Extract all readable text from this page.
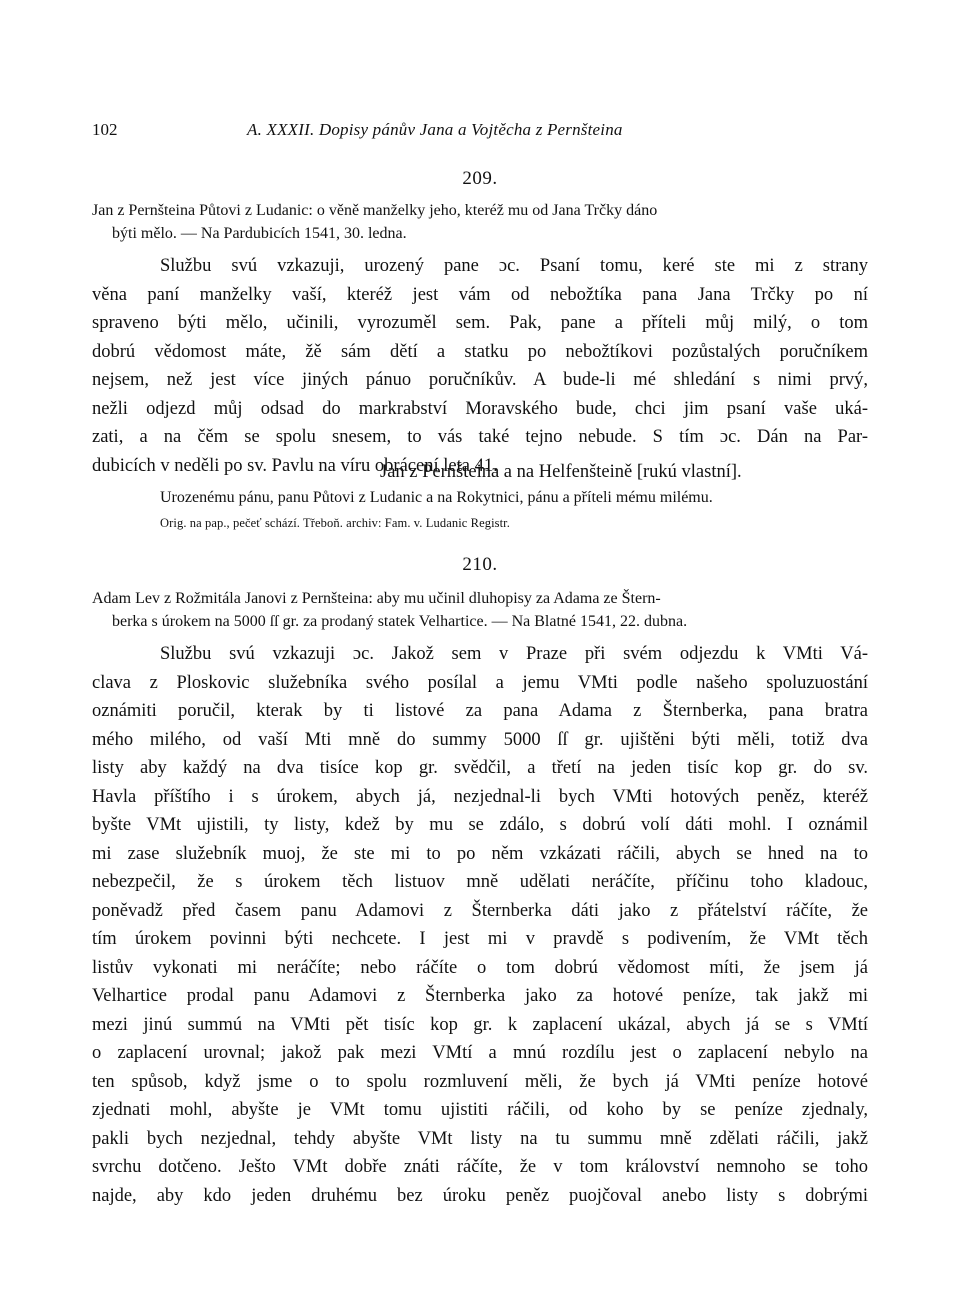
102	A. XXXII. Dopisy pánův Jana a Vojtěcha z Pernšteina
209.
Jan z Pernšteina Půtovi z Ludanic: o věně manželky jeho, kteréž mu od Jana Trčky dáno
býti mělo. — Na Pardubicích 1541, 30. ledna.
Službu svú vzkazuji, urozený pane ɔc. Psaní tomu, keré ste mi z strany
věna paní manželky vaší, kteréž jest vám od nebožtíka pana Jana Trčky po ní
spraveno býti mělo, učinili, vyrozuměl sem. Pak, pane a příteli můj milý, o tom
dobrú vědomost máte, žě sám dětí a statku po nebožtíkovi pozůstalých poručníkem
nejsem, než jest více jiných pánuo poručníkův. A bude-li mé shledání s nimi prvý,
nežli odjezd můj odsad do markrabství Moravského bude, chci jim psaní vaše uká-
zati, a na čěm se spolu snesem, to vás také tejno nebude. S tím ɔc. Dán na Par-
dubicích v neděli po sv. Pavlu na víru obrácení leta 41.
Jan z Pernšteina a na Helfenšteině [rukú vlastní].
Urozenému pánu, panu Půtovi z Ludanic a na Rokytnici, pánu a příteli mému milému.
Orig. na pap., pečeť schází. Třeboň. archiv: Fam. v. Ludanic Registr.
210.
Adam Lev z Rožmitála Janovi z Pernšteina: aby mu učinil dluhopisy za Adama ze Štern-
berka s úrokem na 5000 ſſ gr. za prodaný statek Velhartice. — Na Blatné 1541, 22. dubna.
Službu svú vzkazuji ɔc. Jakož sem v Praze při svém odjezdu k VMti Vá-
clava z Ploskovic služebníka svého posílal a jemu VMti podle našeho spoluzuostání
oznámiti poručil, kterak by ti listové za pana Adama z Šternberka, pana bratra
mého milého, od vaší Mti mně do summy 5000 ſſ gr. ujištěni býti měli, totiž dva
listy aby každý na dva tisíce kop gr. svědčil, a třetí na jeden tisíc kop gr. do sv.
Havla příštího i s úrokem, abych já, nezjednal-li bych VMti hotových peněz, kteréž
byšte VMt ujistili, ty listy, kdež by mu se zdálo, s dobrú volí dáti mohl. I oznámil
mi zase služebník muoj, že ste mi to po něm vzkázati ráčili, abych se hned na to
nebezpečil, že s úrokem těch listuov mně udělati neráčíte, příčinu toho kladouc,
poněvadž před časem panu Adamovi z Šternberka dáti jako z přátelství ráčíte, že
tím úrokem povinni býti nechcete. I jest mi v pravdě s podivením, že VMt těch
listův vykonati mi neráčíte; nebo ráčíte o tom dobrú vědomost míti, že jsem já
Velhartice prodal panu Adamovi z Šternberka jako za hotové peníze, tak jakž mi
mezi jinú summú na VMti pět tisíc kop gr. k zaplacení ukázal, abych já se s VMtí
o zaplacení urovnal; jakož pak mezi VMtí a mnú rozdílu jest o zaplacení nebylo na
ten spůsob, když jsme o to spolu rozmluvení měli, že bych já VMti peníze hotové
zjednati mohl, abyšte je VMt tomu ujistiti ráčili, od koho by se peníze zjednaly,
pakli bych nezjednal, tehdy abyšte VMt listy na tu summu mně zdělati ráčili, jakž
svrchu dotčeno. Ješto VMt dobře znáti ráčíte, že v tom království nemnoho se toho
najde, aby kdo jeden druhému bez úroku peněz puojčoval anebo listy s dobrými
